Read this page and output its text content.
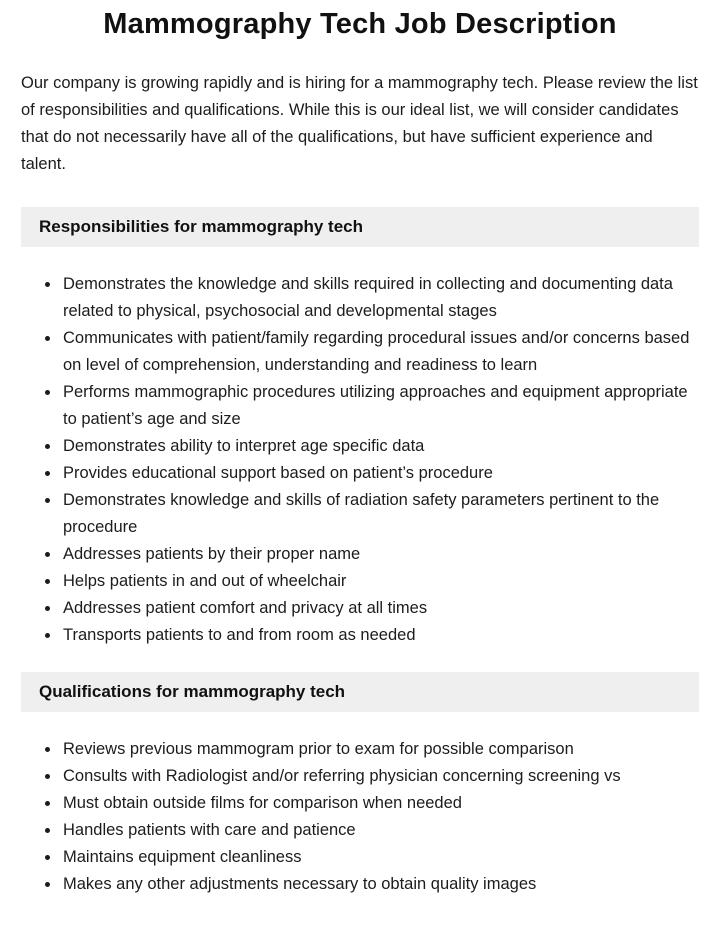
Mammography Tech Job Description

Our company is growing rapidly and is hiring for a mammography tech. Please review the list of responsibilities and qualifications. While this is our ideal list, we will consider candidates that do not necessarily have all of the qualifications, but have sufficient experience and talent.

Responsibilities for mammography tech
• Demonstrates the knowledge and skills required in collecting and documenting data related to physical, psychosocial and developmental stages
• Communicates with patient/family regarding procedural issues and/or concerns based on level of comprehension, understanding and readiness to learn
• Performs mammographic procedures utilizing approaches and equipment appropriate to patient’s age and size
• Demonstrates ability to interpret age specific data
• Provides educational support based on patient’s procedure
• Demonstrates knowledge and skills of radiation safety parameters pertinent to the procedure
• Addresses patients by their proper name
• Helps patients in and out of wheelchair
• Addresses patient comfort and privacy at all times
• Transports patients to and from room as needed
Qualifications for mammography tech
• Reviews previous mammogram prior to exam for possible comparison
• Consults with Radiologist and/or referring physician concerning screening vs
• Must obtain outside films for comparison when needed
• Handles patients with care and patience
• Maintains equipment cleanliness
• Makes any other adjustments necessary to obtain quality images
